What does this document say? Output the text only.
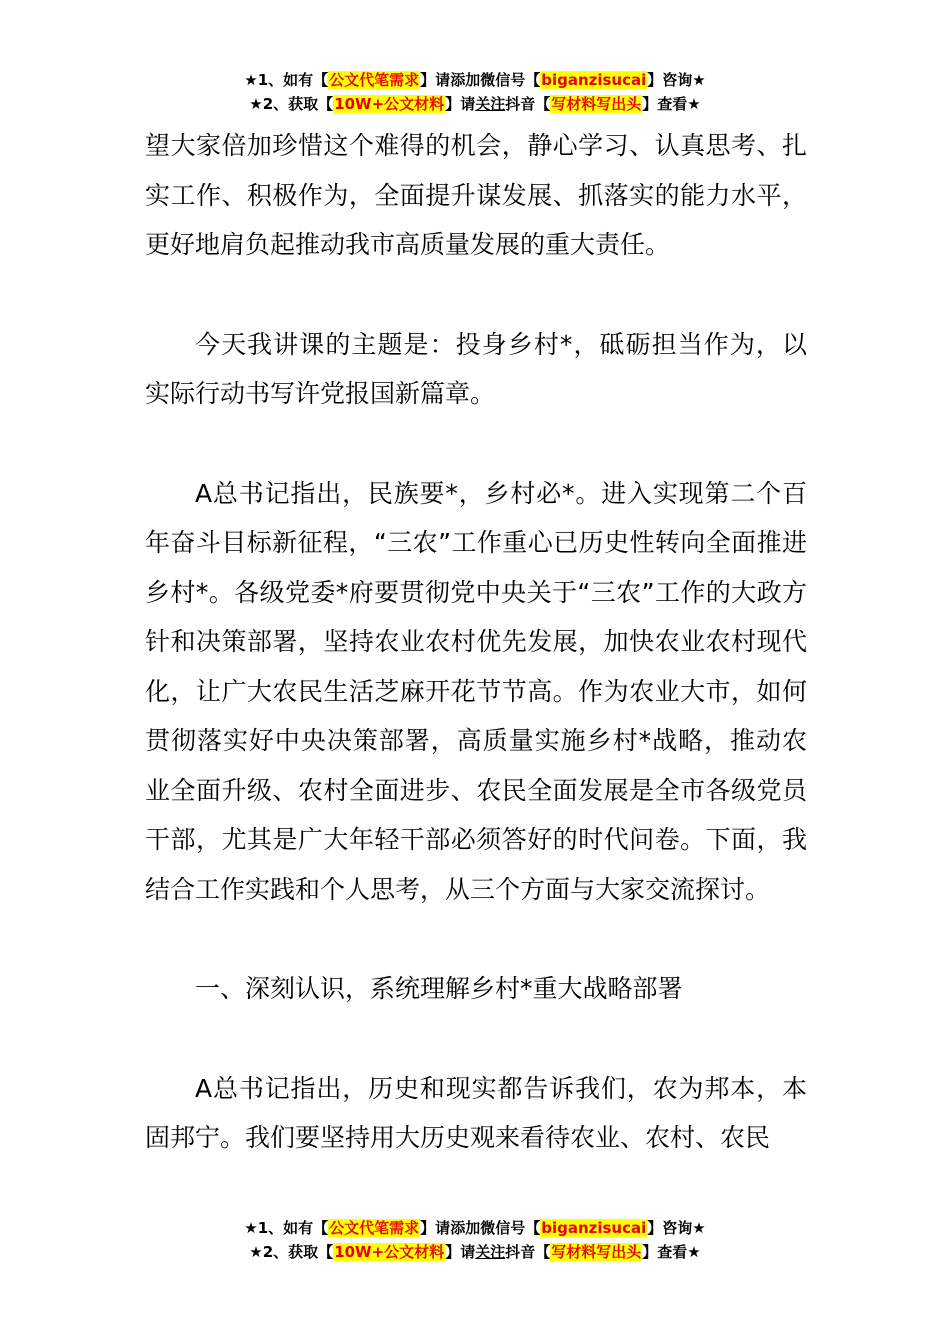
★1、如有【公文代笔需求】请添加微信号【biganzisucai】咨询★
★2、获取【10W+公文材料】请关注抖音【写材料写出头】查看★

望大家倍加珍惜这个难得的机会，静心学习、认真思考、扎实工作、积极作为，全面提升谋发展、抓落实的能力水平，更好地肩负起推动我市高质量发展的重大责任。

今天我讲课的主题是：投身乡村*，砥砺担当作为，以实际行动书写许党报国新篇章。

A总书记指出，民族要*，乡村必*。进入实现第二个百年奋斗目标新征程，“三农”工作重心已历史性转向全面推进乡村*。各级党委*府要贯彻党中央关于“三农”工作的大政方针和决策部署，坚持农业农村优先发展，加快农业农村现代化，让广大农民生活芝麻开花节节高。作为农业大市，如何贯彻落实好中央决策部署，高质量实施乡村*战略，推动农业全面升级、农村全面进步、农民全面发展是全市各级党员干部，尤其是广大年轻干部必须答好的时代问卷。下面，我结合工作实践和个人思考，从三个方面与大家交流探讨。

一、深刻认识，系统理解乡村*重大战略部署

A总书记指出，历史和现实都告诉我们，农为邦本，本固邦宁。我们要坚持用大历史观来看待农业、农村、农民

★1、如有【公文代笔需求】请添加微信号【biganzisucai】咨询★
★2、获取【10W+公文材料】请关注抖音【写材料写出头】查看★
